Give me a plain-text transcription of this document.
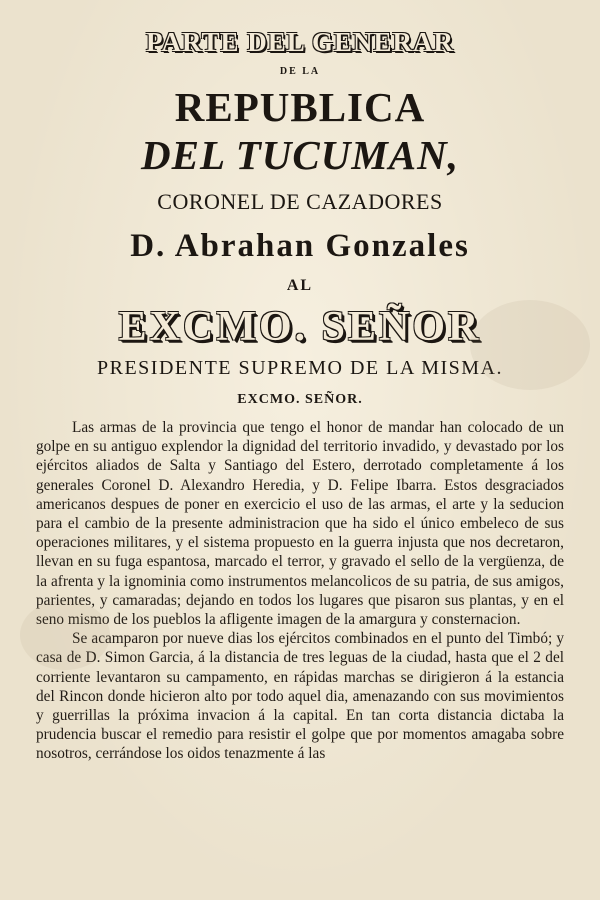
PARTE DEL GENERAR

DE LA

REPUBLICA

DEL TUCUMAN,

CORONEL DE CAZADORES

D. Abrahan Gonzales

AL

EXCMO. SEÑOR

PRESIDENTE SUPREMO DE LA MISMA.

EXCMO. SEÑOR.

Las armas de la provincia que tengo el honor de mandar han colocado de un golpe en su antiguo explendor la dignidad del territorio invadido, y devastado por los ejércitos aliados de Salta y Santiago del Estero, derrotado completamente á los generales Coronel D. Alexandro Heredia, y D. Felipe Ibarra. Estos desgraciados americanos despues de poner en exercicio el uso de las armas, el arte y la seducion para el cambio de la presente administracion que ha sido el único embeleco de sus operaciones militares, y el sistema propuesto en la guerra injusta que nos decretaron, llevan en su fuga espantosa, marcado el terror, y gravado el sello de la vergüenza, de la afrenta y la ignominia como instrumentos melancolicos de su patria, de sus amigos, parientes, y camaradas; dejando en todos los lugares que pisaron sus plantas, y en el seno mismo de los pueblos la afligente imagen de la amargura y consternacion.

Se acamparon por nueve dias los ejércitos combinados en el punto del Timbó; y casa de D. Simon Garcia, á la distancia de tres leguas de la ciudad, hasta que el 2 del corriente levantaron su campamento, en rápidas marchas se dirigieron á la estancia del Rincon donde hicieron alto por todo aquel dia, amenazando con sus movimientos y guerrillas la próxima invacion á la capital. En tan corta distancia dictaba la prudencia buscar el remedio para resistir el golpe que por momentos amagaba sobre nosotros, cerrándose los oidos tenazmente á las
